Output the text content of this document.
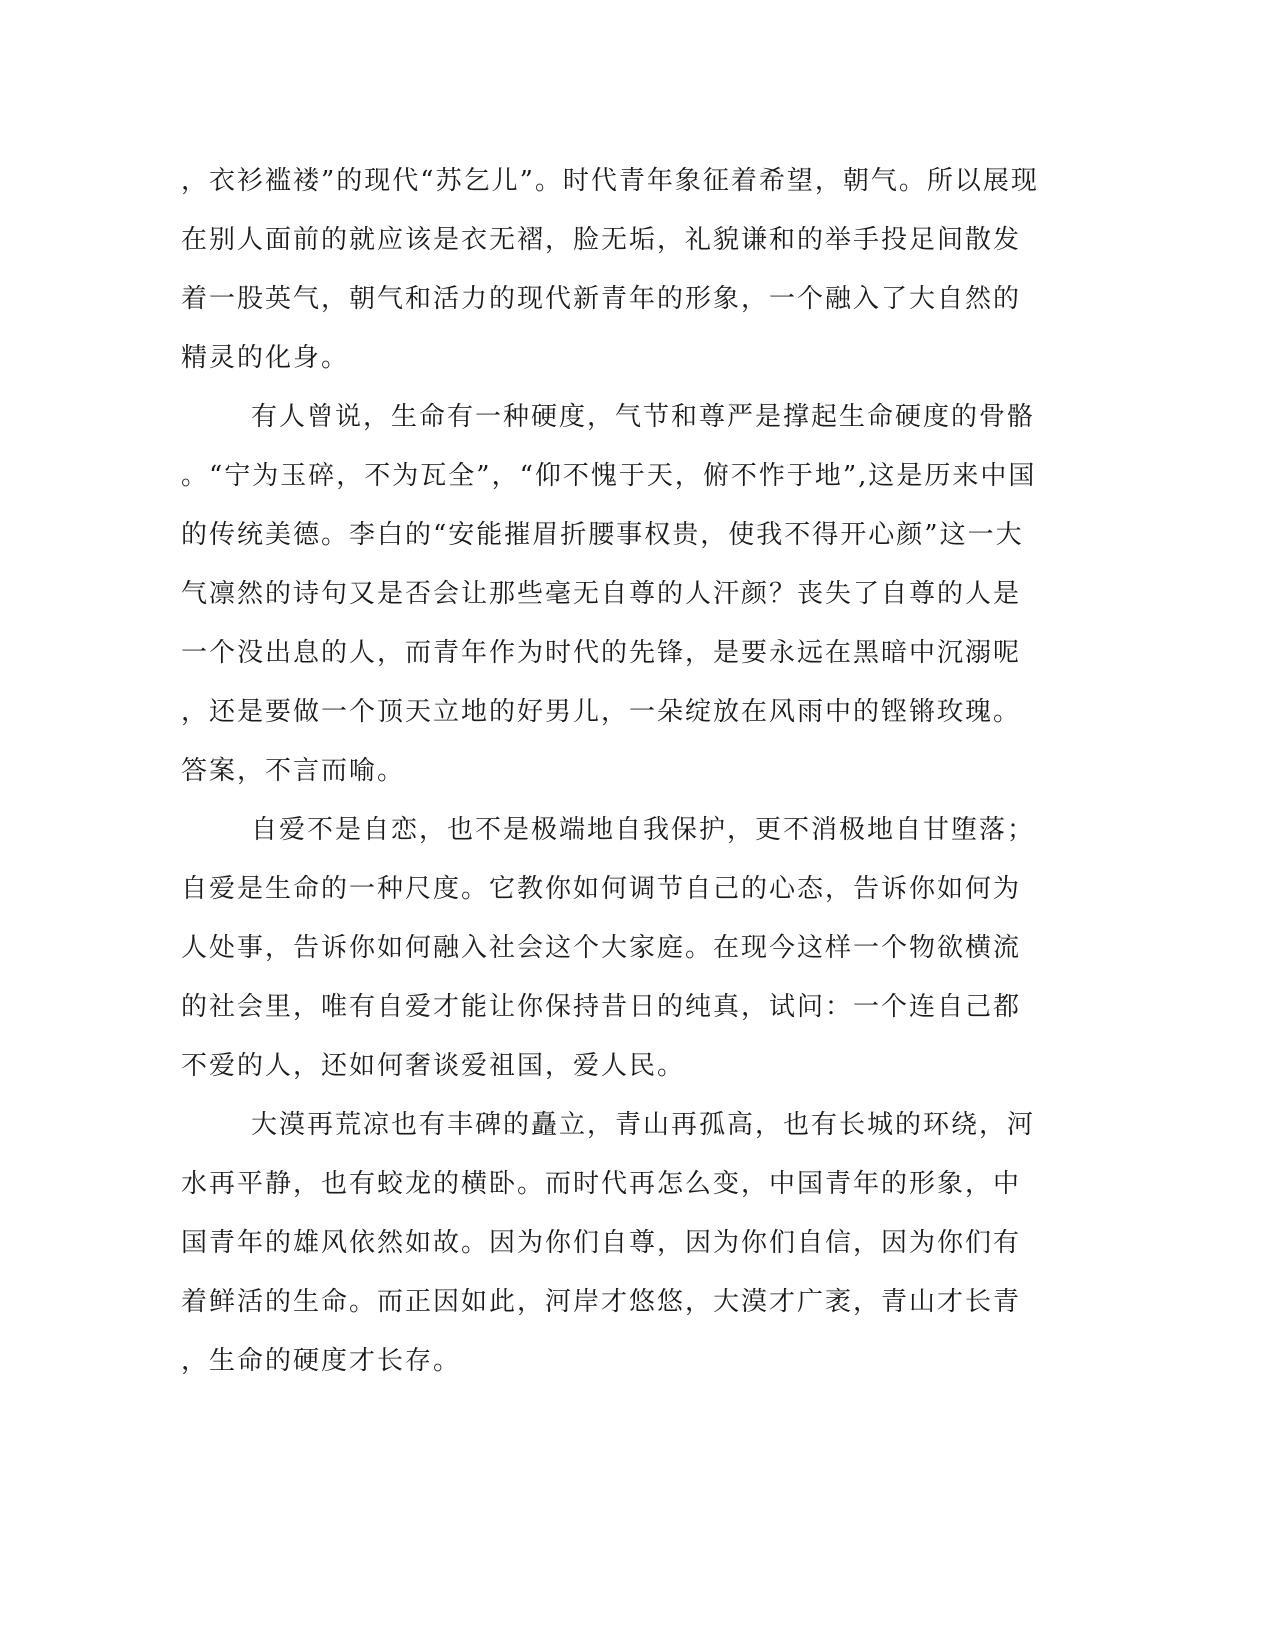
，衣衫褴褛”的现代“苏乞儿”。时代青年象征着希望，朝气。所以展现
在别人面前的就应该是衣无褶，脸无垢，礼貌谦和的举手投足间散发
着一股英气，朝气和活力的现代新青年的形象，一个融入了大自然的
精灵的化身。
有人曾说，生命有一种硬度，气节和尊严是撑起生命硬度的骨骼
。“宁为玉碎，不为瓦全”，“仰不愧于天，俯不怍于地”,这是历来中国
的传统美德。李白的“安能摧眉折腰事权贵，使我不得开心颜”这一大
气凛然的诗句又是否会让那些毫无自尊的人汗颜？丧失了自尊的人是
一个没出息的人，而青年作为时代的先锋，是要永远在黑暗中沉溺呢
，还是要做一个顶天立地的好男儿，一朵绽放在风雨中的铿锵玫瑰。
答案，不言而喻。
自爱不是自恋，也不是极端地自我保护，更不消极地自甘堕落；
自爱是生命的一种尺度。它教你如何调节自己的心态，告诉你如何为
人处事，告诉你如何融入社会这个大家庭。在现今这样一个物欲横流
的社会里，唯有自爱才能让你保持昔日的纯真，试问：一个连自己都
不爱的人，还如何奢谈爱祖国，爱人民。
大漠再荒凉也有丰碑的矗立，青山再孤高，也有长城的环绕，河
水再平静，也有蛟龙的横卧。而时代再怎么变，中国青年的形象，中
国青年的雄风依然如故。因为你们自尊，因为你们自信，因为你们有
着鲜活的生命。而正因如此，河岸才悠悠，大漠才广袤，青山才长青
，生命的硬度才长存。
